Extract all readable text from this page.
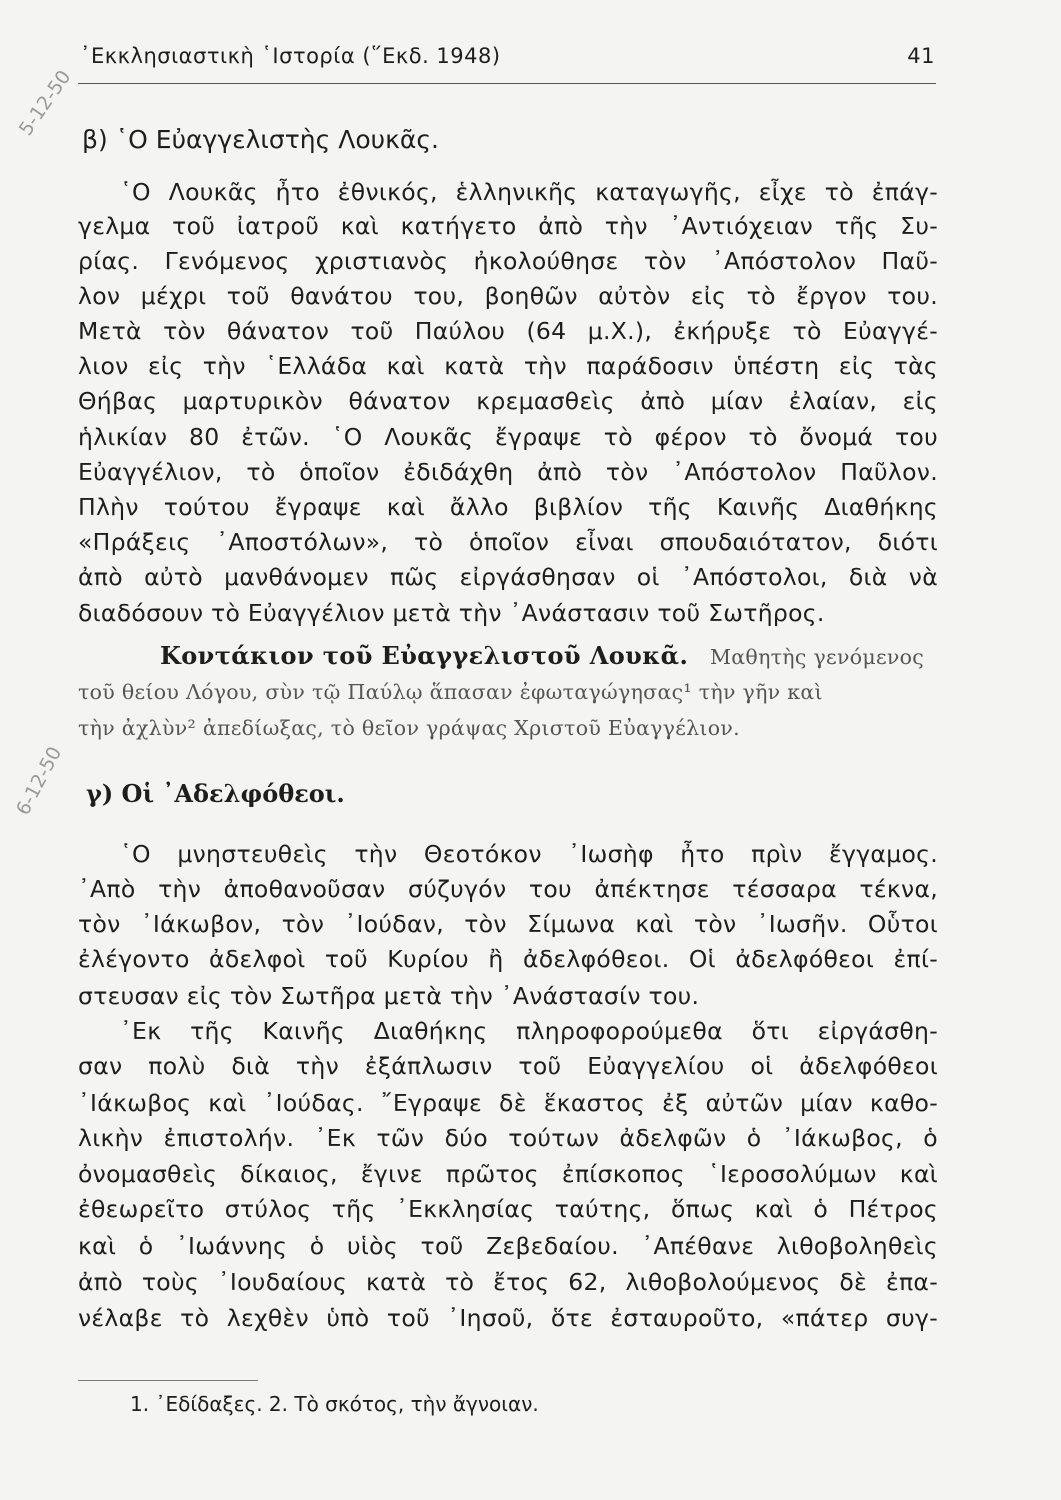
᾽Εκκλησιαστικὴ ῾Ιστορία (῞Εκδ. 1948)	41
5-12-50
6-12-50
β) ῾Ο Εὐαγγελιστὴς Λουκᾶς.
῾Ο Λουκᾶς ἦτο ἐθνικός, ἑλληνικῆς καταγωγῆς, εἶχε τὸ ἐπάγ-
γελμα τοῦ ἰατροῦ καὶ κατήγετο ἀπὸ τὴν ᾽Αντιόχειαν τῆς Συ-
ρίας. Γενόμενος χριστιανὸς ἠκολούθησε τὸν ᾽Απόστολον Παῦ-
λον μέχρι τοῦ θανάτου του, βοηθῶν αὐτὸν εἰς τὸ ἔργον του.
Μετὰ τὸν θάνατον τοῦ Παύλου (64 μ.Χ.), ἐκήρυξε τὸ Εὐαγγέ-
λιον εἰς τὴν ῾Ελλάδα καὶ κατὰ τὴν παράδοσιν ὑπέστη εἰς τὰς
Θήβας μαρτυρικὸν θάνατον κρεμασθεὶς ἀπὸ μίαν ἐλαίαν, εἰς
ἡλικίαν 80 ἐτῶν. ῾Ο Λουκᾶς ἔγραψε τὸ φέρον τὸ ὄνομά του
Εὐαγγέλιον, τὸ ὁποῖον ἐδιδάχθη ἀπὸ τὸν ᾽Απόστολον Παῦλον.
Πλὴν τούτου ἔγραψε καὶ ἄλλο βιβλίον τῆς Καινῆς Διαθήκης
«Πράξεις ᾽Αποστόλων», τὸ ὁποῖον εἶναι σπουδαιότατον, διότι
ἀπὸ αὐτὸ μανθάνομεν πῶς εἰργάσθησαν οἱ ᾽Απόστολοι, διὰ νὰ
διαδόσουν τὸ Εὐαγγέλιον μετὰ τὴν ᾽Ανάστασιν τοῦ Σωτῆρος.
Κοντάκιον τοῦ Εὐαγγελιστοῦ Λουκᾶ. Μαθητὴς γενόμενος
τοῦ θείου Λόγου, σὺν τῷ Παύλῳ ἅπασαν ἐφωταγώγησας¹ τὴν γῆν καὶ
τὴν ἀχλὺν² ἀπεδίωξας, τὸ θεῖον γράψας Χριστοῦ Εὐαγγέλιον.
γ) Οἱ ᾽Αδελφόθεοι.
῾Ο μνηστευθεὶς τὴν Θεοτόκον ᾽Ιωσὴφ ἦτο πρὶν ἔγγαμος.
᾽Απὸ τὴν ἀποθανοῦσαν σύζυγόν του ἀπέκτησε τέσσαρα τέκνα,
τὸν ᾽Ιάκωβον, τὸν ᾽Ιούδαν, τὸν Σίμωνα καὶ τὸν ᾽Ιωσῆν. Οὗτοι
ἐλέγοντο ἀδελφοὶ τοῦ Κυρίου ἢ ἀδελφόθεοι. Οἱ ἀδελφόθεοι ἐπί-
στευσαν εἰς τὸν Σωτῆρα μετὰ τὴν ᾽Ανάστασίν του.
᾽Εκ τῆς Καινῆς Διαθήκης πληροφορούμεθα ὅτι εἰργάσθη-
σαν πολὺ διὰ τὴν ἐξάπλωσιν τοῦ Εὐαγγελίου οἱ ἀδελφόθεοι
᾽Ιάκωβος καὶ ᾽Ιούδας. ῎Εγραψε δὲ ἕκαστος ἐξ αὐτῶν μίαν καθο-
λικὴν ἐπιστολήν. ᾽Εκ τῶν δύο τούτων ἀδελφῶν ὁ ᾽Ιάκωβος, ὁ
ὀνομασθεὶς δίκαιος, ἔγινε πρῶτος ἐπίσκοπος ῾Ιεροσολύμων καὶ
ἐθεωρεῖτο στύλος τῆς ᾽Εκκλησίας ταύτης, ὅπως καὶ ὁ Πέτρος
καὶ ὁ ᾽Ιωάννης ὁ υἱὸς τοῦ Ζεβεδαίου. ᾽Απέθανε λιθοβοληθεὶς
ἀπὸ τοὺς ᾽Ιουδαίους κατὰ τὸ ἔτος 62, λιθοβολούμενος δὲ ἐπα-
νέλαβε τὸ λεχθὲν ὑπὸ τοῦ ᾽Ιησοῦ, ὅτε ἐσταυροῦτο, «πάτερ συγ-
1. ᾽Εδίδαξες. 2. Τὸ σκότος, τὴν ἄγνοιαν.
